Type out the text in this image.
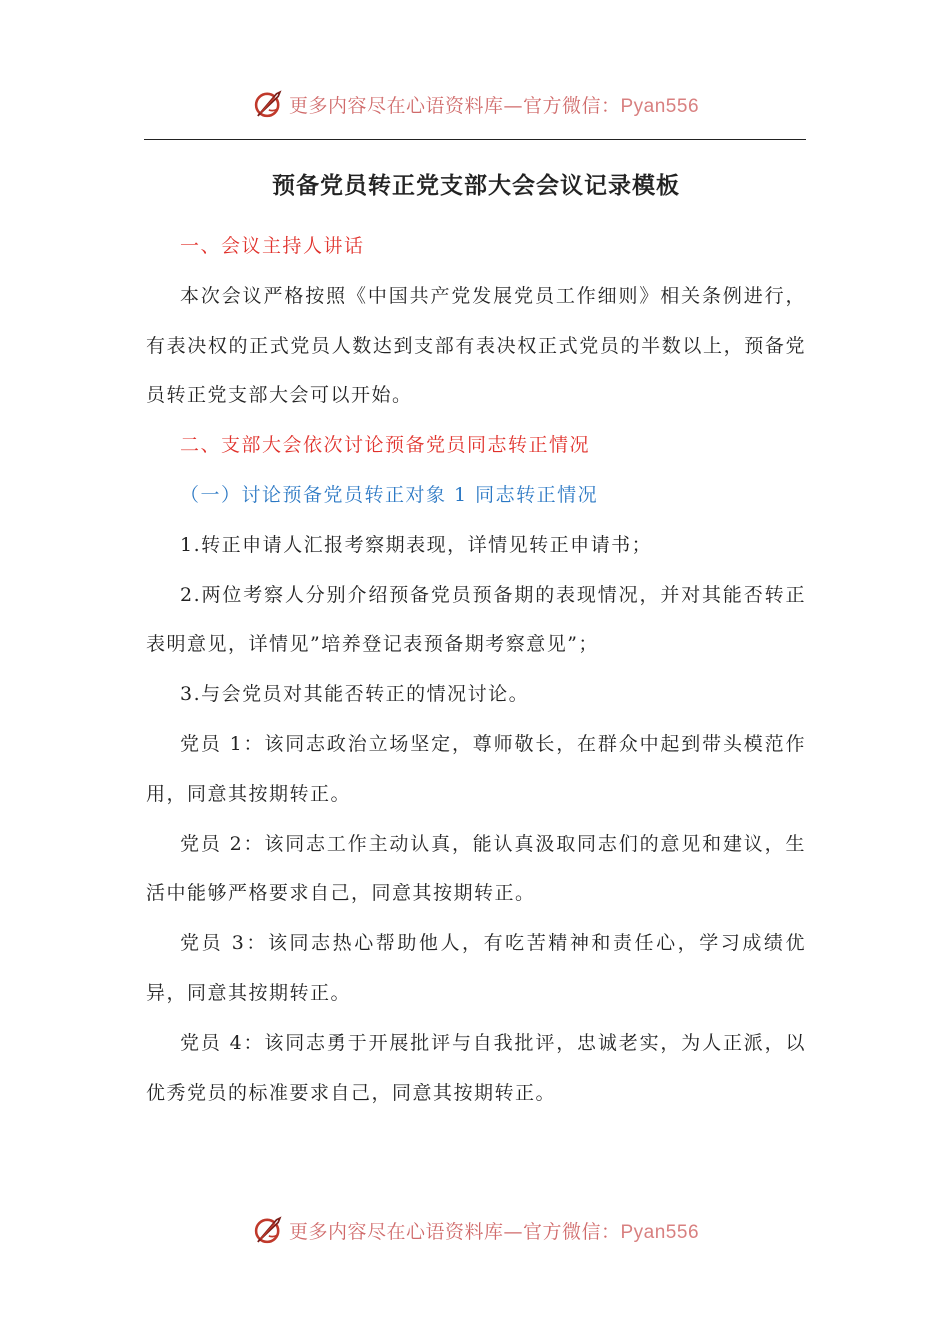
更多内容尽在心语资料库—官方微信：Pyan556
预备党员转正党支部大会会议记录模板

一、会议主持人讲话

本次会议严格按照《中国共产党发展党员工作细则》相关条例进行，有表决权的正式党员人数达到支部有表决权正式党员的半数以上，预备党员转正党支部大会可以开始。

二、支部大会依次讨论预备党员同志转正情况

（一）讨论预备党员转正对象 1 同志转正情况

1.转正申请人汇报考察期表现，详情见转正申请书；

2.两位考察人分别介绍预备党员预备期的表现情况，并对其能否转正表明意见，详情见”培养登记表预备期考察意见”；

3.与会党员对其能否转正的情况讨论。

党员 1：该同志政治立场坚定，尊师敬长，在群众中起到带头模范作用，同意其按期转正。

党员 2：该同志工作主动认真，能认真汲取同志们的意见和建议，生活中能够严格要求自己，同意其按期转正。

党员 3：该同志热心帮助他人，有吃苦精神和责任心，学习成绩优异，同意其按期转正。

党员 4：该同志勇于开展批评与自我批评，忠诚老实，为人正派，以优秀党员的标准要求自己，同意其按期转正。

更多内容尽在心语资料库—官方微信：Pyan556
